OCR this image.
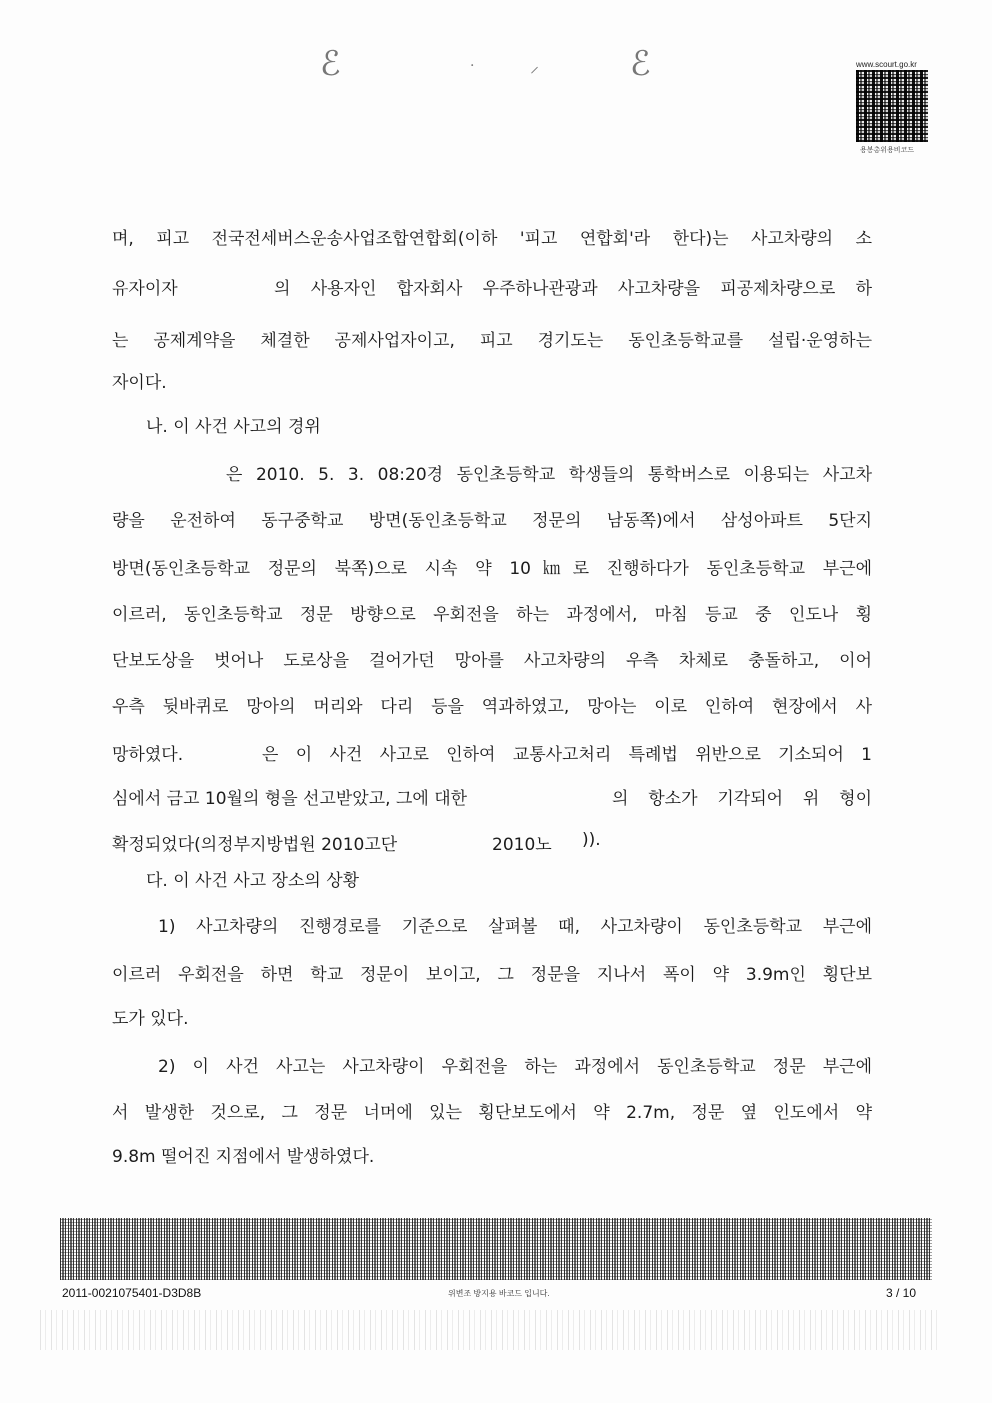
ℰ	·	⸝	ℰ	www.scourt.go.kr
용봉총위용비코드
며, 피고 전국전세버스운송사업조합연합회(이하 '피고 연합회'라 한다)는 사고차량의 소
유자이자	의 사용자인 합자회사 우주하나관광과 사고차량을 피공제차량으로 하
는 공제계약을 체결한 공제사업자이고, 피고 경기도는 동인초등학교를 설립·운영하는
자이다.
나. 이 사건 사고의 경위
은 2010. 5. 3. 08:20경 동인초등학교 학생들의 통학버스로 이용되는 사고차
량을 운전하여 동구중학교 방면(동인초등학교 정문의 남동쪽)에서 삼성아파트 5단지
방면(동인초등학교 정문의 북쪽)으로 시속 약 10㎞로 진행하다가 동인초등학교 부근에
이르러, 동인초등학교 정문 방향으로 우회전을 하는 과정에서, 마침 등교 중 인도나 횡
단보도상을 벗어나 도로상을 걸어가던 망아를 사고차량의 우측 차체로 충돌하고, 이어
우측 뒷바퀴로 망아의 머리와 다리 등을 역과하였고, 망아는 이로 인하여 현장에서 사
망하였다.	은 이 사건 사고로 인하여 교통사고처리 특례법 위반으로 기소되어 1
심에서 금고 10월의 형을 선고받았고, 그에 대한	의 항소가 기각되어 위 형이
확정되었다(의정부지방법원 2010고단	2010노 )).
다. 이 사건 사고 장소의 상황
1) 사고차량의 진행경로를 기준으로 살펴볼 때, 사고차량이 동인초등학교 부근에
이르러 우회전을 하면 학교 정문이 보이고, 그 정문을 지나서 폭이 약 3.9m인 횡단보
도가 있다.
2) 이 사건 사고는 사고차량이 우회전을 하는 과정에서 동인초등학교 정문 부근에
서 발생한 것으로, 그 정문 너머에 있는 횡단보도에서 약 2.7m, 정문 옆 인도에서 약
9.8m 떨어진 지점에서 발생하였다.
2011-0021075401-D3D8B	위변조 방지용 바코드 입니다.	3 / 10
